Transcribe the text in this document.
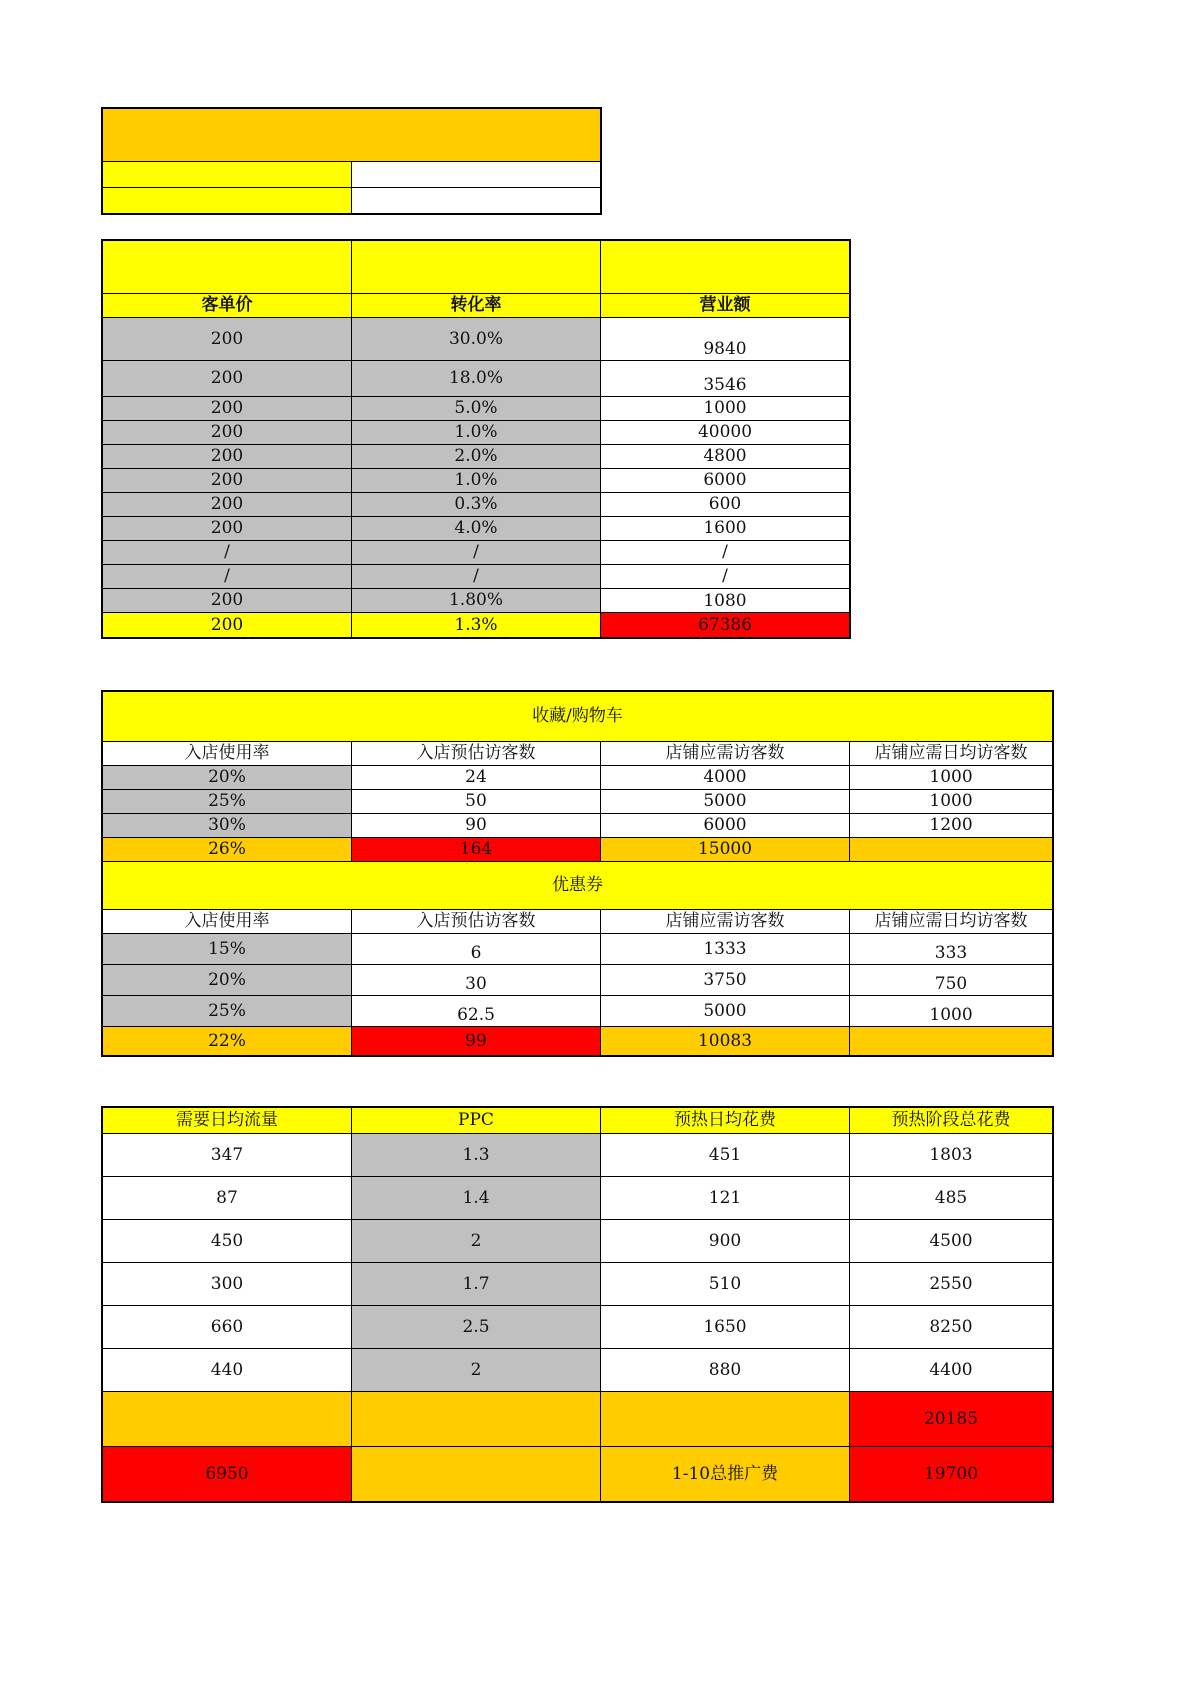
客单价	转化率	营业额
200	30.0%	9840
200	18.0%	3546
200	5.0%	1000
200	1.0%	40000
200	2.0%	4800
200	1.0%	6000
200	0.3%	600
200	4.0%	1600
/	/	/
/	/	/
200	1.80%	1080
200	1.3%	67386
收藏/购物车			
入店使用率	入店预估访客数	店铺应需访客数	店铺应需日均访客数
20%	24	4000	1000
25%	50	5000	1000
30%	90	6000	1200
26%	164	15000	
优惠券			
入店使用率	入店预估访客数	店铺应需访客数	店铺应需日均访客数
15%	6	1333	333
20%	30	3750	750
25%	62.5	5000	1000
22%	99	10083	
需要日均流量	PPC	预热日均花费	预热阶段总花费
347	1.3	451	1803
87	1.4	121	485
450	2	900	4500
300	1.7	510	2550
660	2.5	1650	8250
440	2	880	4400
			20185
6950		1-10总推广费	19700
